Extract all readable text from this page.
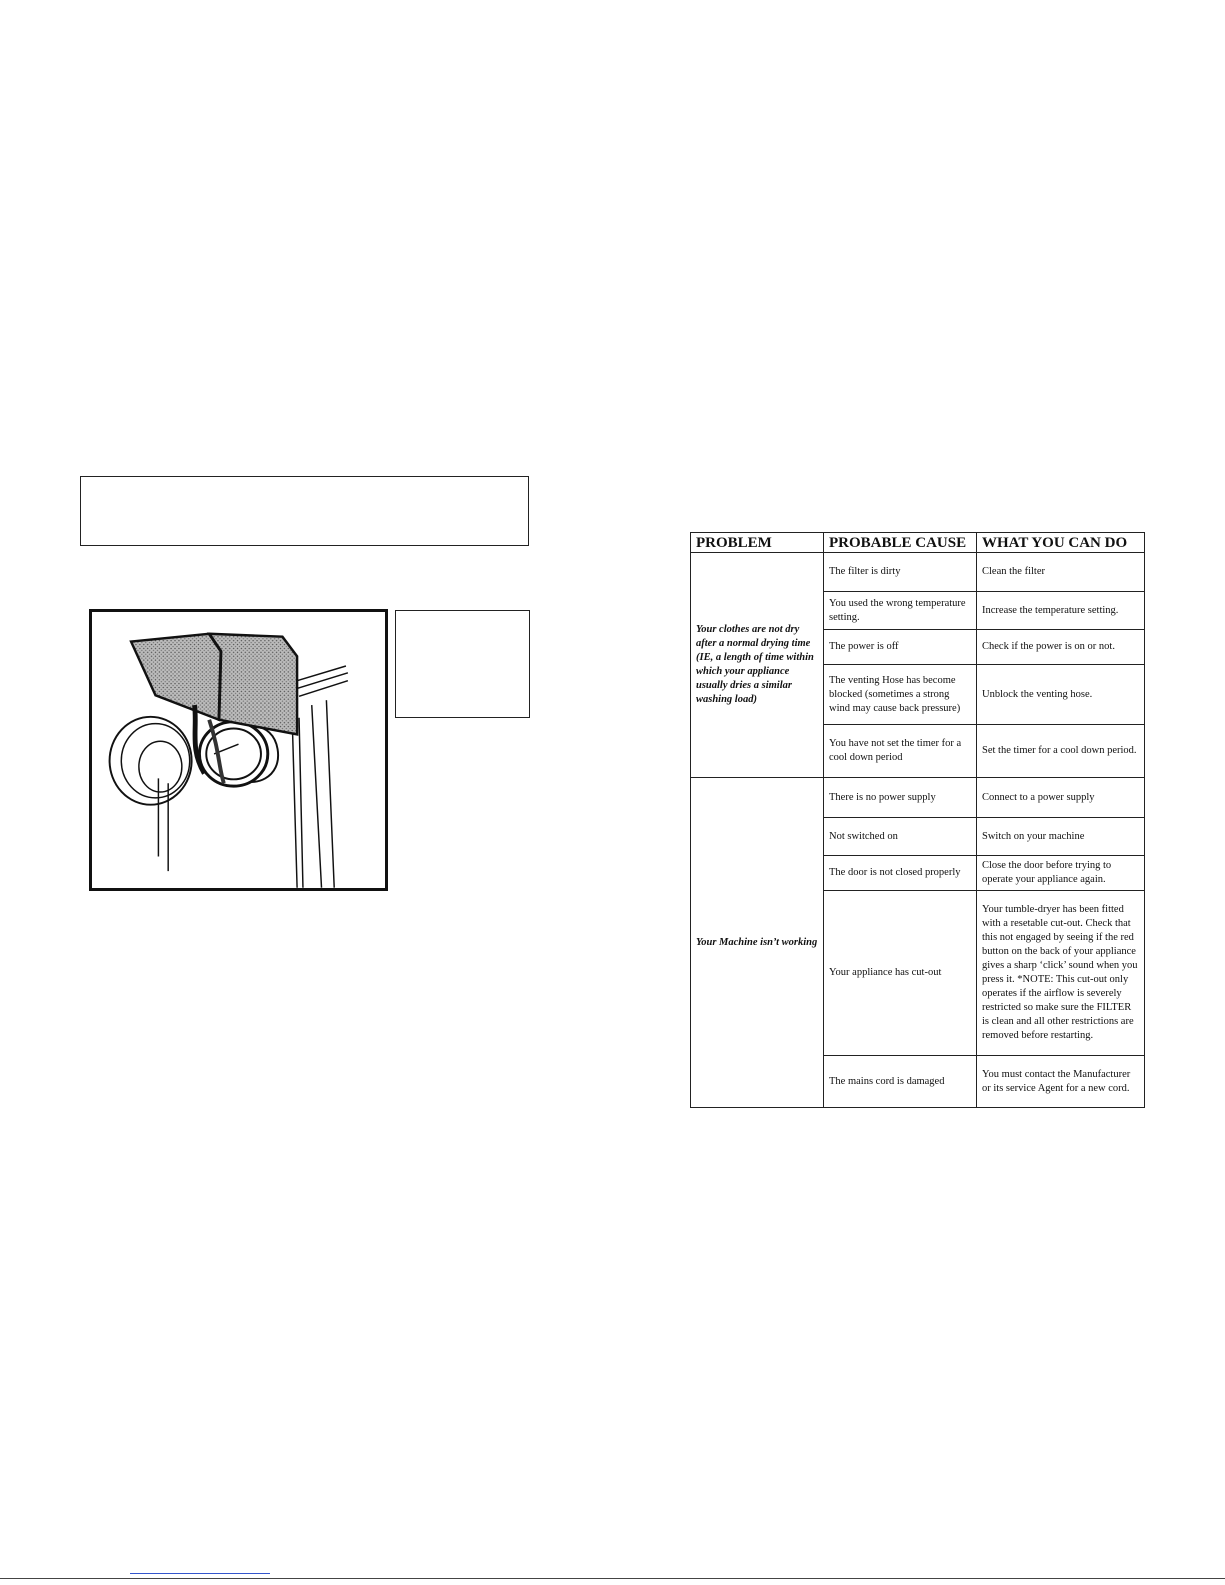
PROBLEM	PROBABLE CAUSE	WHAT YOU CAN DO
Your clothes are not dry after a normal drying time (IE, a length of time within which your appliance usually dries a similar washing load)	The filter is dirty	Clean the filter
	You used the wrong temperature setting.	Increase the temperature setting.
	The power is off	Check if the power is on or not.
	The venting Hose has become blocked (sometimes a strong wind may cause back pressure)	Unblock the venting hose.
	You have not set the timer for a cool down period	Set the timer for a cool down period.
Your Machine isn’t working	There is no power supply	Connect to a power supply
	Not switched on	Switch on your machine
	The door is not closed properly	Close the door before trying to operate your appliance again.
	Your appliance has cut-out	Your tumble-dryer has been fitted with a resetable cut-out. Check that this not engaged by seeing if the red button on the back of your appliance gives a sharp ‘click’ sound when you press it. *NOTE: This cut-out only operates if the airflow is severely restricted so make sure the FILTER is clean and all other restrictions are removed before restarting.
	The mains cord is damaged	You must contact the Manufacturer or its service Agent for a new cord.
